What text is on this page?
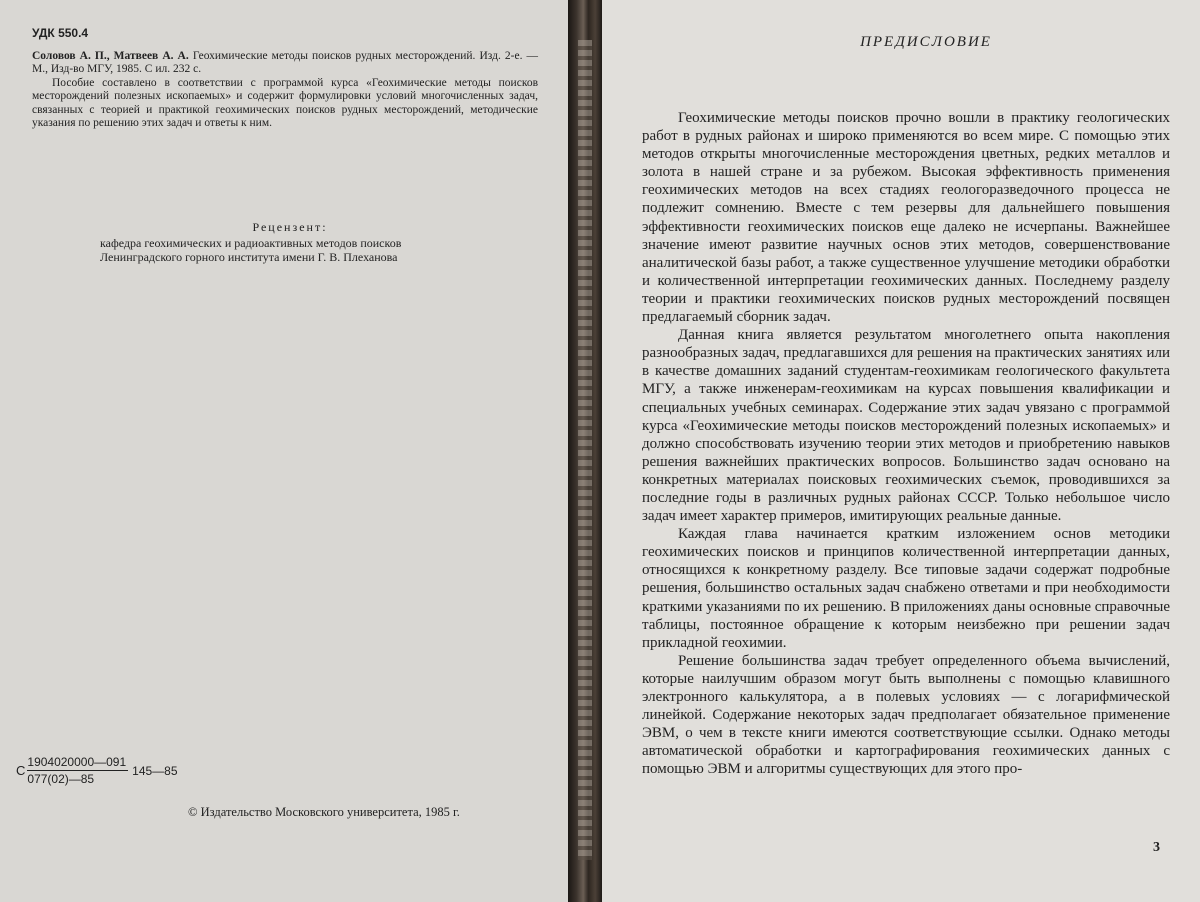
УДК 550.4

Соловов А. П., Матвеев А. А. Геохимические методы поисков рудных месторождений. Изд. 2-е. — М., Изд-во МГУ, 1985. С ил. 232 с.

Пособие составлено в соответствии с программой курса «Геохимические методы поисков месторождений полезных ископаемых» и содержит формулировки условий многочисленных задач, связанных с теорией и практикой геохимических поисков рудных месторождений, методические указания по решению этих задач и ответы к ним.

Рецензент:
кафедра геохимических и радиоактивных методов поисков Ленинградского горного института имени Г. В. Плеханова
С $\frac{1904020000—091}{077(02)—85}$ 145—85
© Издательство Московского университета, 1985 г.
ПРЕДИСЛОВИЕ

Геохимические методы поисков прочно вошли в практику геологических работ в рудных районах и широко применяются во всем мире. С помощью этих методов открыты многочисленные месторождения цветных, редких металлов и золота в нашей стране и за рубежом. Высокая эффективность применения геохимических методов на всех стадиях геологоразведочного процесса не подлежит сомнению. Вместе с тем резервы для дальнейшего повышения эффективности геохимических поисков еще далеко не исчерпаны. Важнейшее значение имеют развитие научных основ этих методов, совершенствование аналитической базы работ, а также существенное улучшение методики обработки и количественной интерпретации геохимических данных. Последнему разделу теории и практики геохимических поисков рудных месторождений посвящен предлагаемый сборник задач.

Данная книга является результатом многолетнего опыта накопления разнообразных задач, предлагавшихся для решения на практических занятиях или в качестве домашних заданий студентам-геохимикам геологического факультета МГУ, а также инженерам-геохимикам на курсах повышения квалификации и специальных учебных семинарах. Содержание этих задач увязано с программой курса «Геохимические методы поисков месторождений полезных ископаемых» и должно способствовать изучению теории этих методов и приобретению навыков решения важнейших практических вопросов. Большинство задач основано на конкретных материалах поисковых геохимических съемок, проводившихся за последние годы в различных рудных районах СССР. Только небольшое число задач имеет характер примеров, имитирующих реальные данные.

Каждая глава начинается кратким изложением основ методики геохимических поисков и принципов количественной интерпретации данных, относящихся к конкретному разделу. Все типовые задачи содержат подробные решения, большинство остальных задач снабжено ответами и при необходимости краткими указаниями по их решению. В приложениях даны основные справочные таблицы, постоянное обращение к которым неизбежно при решении задач прикладной геохимии.

Решение большинства задач требует определенного объема вычислений, которые наилучшим образом могут быть выполнены с помощью клавишного электронного калькулятора, а в полевых условиях — с логарифмической линейкой. Содержание некоторых задач предполагает обязательное применение ЭВМ, о чем в тексте книги имеются соответствующие ссылки. Однако методы автоматической обработки и картографирования геохимических данных с помощью ЭВМ и алгоритмы существующих для этого про-

3
